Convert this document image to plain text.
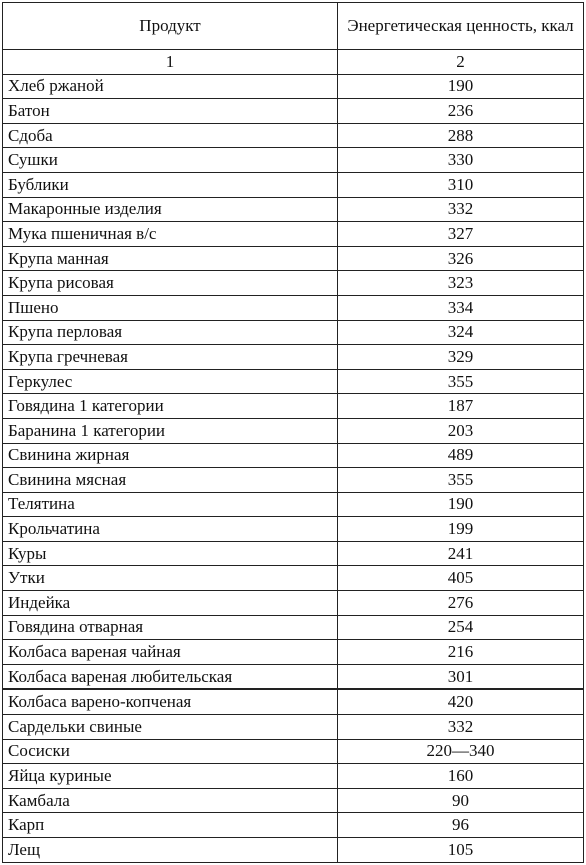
Продукт	Энергетическая ценность, ккал
1	2
Хлеб ржаной	190
Батон	236
Сдоба	288
Сушки	330
Бублики	310
Макаронные изделия	332
Мука пшеничная в/с	327
Крупа манная	326
Крупа рисовая	323
Пшено	334
Крупа перловая	324
Крупа гречневая	329
Геркулес	355
Говядина 1 категории	187
Баранина 1 категории	203
Свинина жирная	489
Свинина мясная	355
Телятина	190
Крольчатина	199
Куры	241
Утки	405
Индейка	276
Говядина отварная	254
Колбаса вареная чайная	216
Колбаса вареная любительская	301
Колбаса варено-копченая	420
Сардельки свиные	332
Сосиски	220—340
Яйца куриные	160
Камбала	90
Карп	96
Лещ	105
